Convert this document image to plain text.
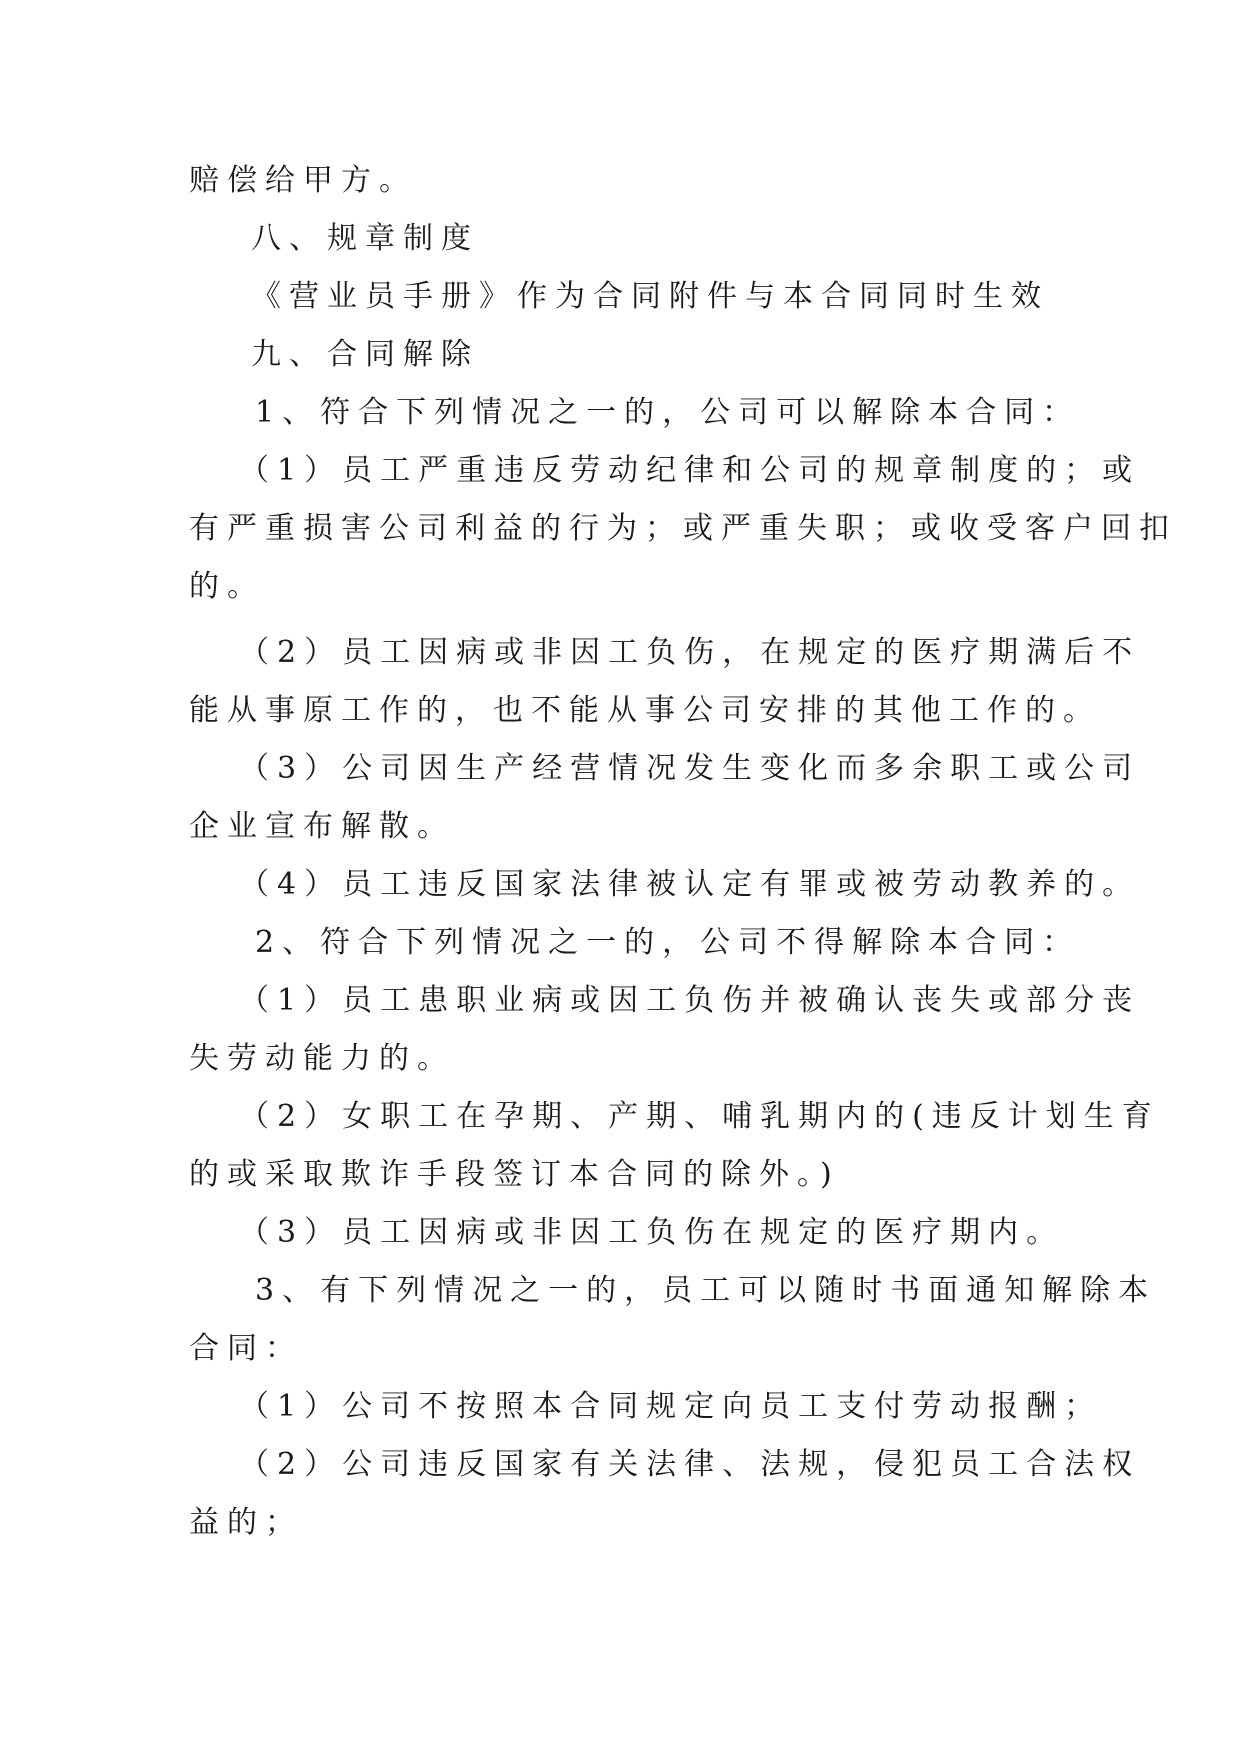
赔偿给甲方。
八、规章制度
《营业员手册》作为合同附件与本合同同时生效
九、合同解除
1、符合下列情况之一的，公司可以解除本合同：
（1）员工严重违反劳动纪律和公司的规章制度的；或
有严重损害公司利益的行为；或严重失职；或收受客户回扣
的。
（2）员工因病或非因工负伤，在规定的医疗期满后不
能从事原工作的，也不能从事公司安排的其他工作的。
（3）公司因生产经营情况发生变化而多余职工或公司
企业宣布解散。
（4）员工违反国家法律被认定有罪或被劳动教养的。
2、符合下列情况之一的，公司不得解除本合同：
（1）员工患职业病或因工负伤并被确认丧失或部分丧
失劳动能力的。
（2）女职工在孕期、产期、哺乳期内的(违反计划生育
的或采取欺诈手段签订本合同的除外。)
（3）员工因病或非因工负伤在规定的医疗期内。
3、有下列情况之一的，员工可以随时书面通知解除本
合同：
（1）公司不按照本合同规定向员工支付劳动报酬；
（2）公司违反国家有关法律、法规，侵犯员工合法权
益的；
